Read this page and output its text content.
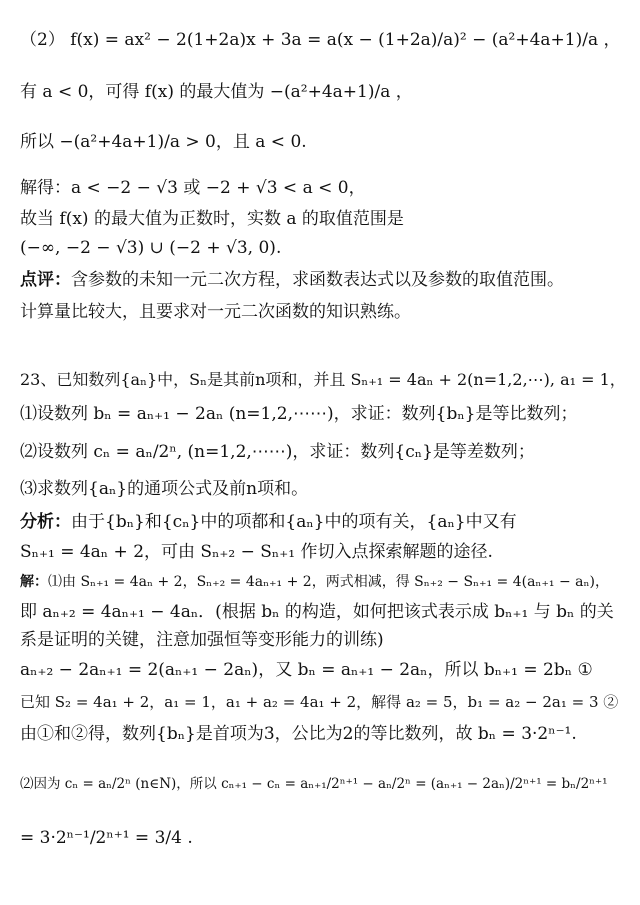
（2） f(x) = ax² − 2(1+2a)x + 3a = a(x − (1+2a)/a)² − (a²+4a+1)/a ，
有 a < 0，可得 f(x) 的最大值为 −(a²+4a+1)/a ，
所以 −(a²+4a+1)/a > 0，且 a < 0.
解得：a < −2 − √3 或 −2 + √3 < a < 0，
故当 f(x) 的最大值为正数时，实数 a 的取值范围是
(−∞, −2 − √3) ∪ (−2 + √3, 0).
点评：含参数的未知一元二次方程，求函数表达式以及参数的取值范围。
计算量比较大，且要求对一元二次函数的知识熟练。
23、已知数列{aₙ}中，Sₙ是其前n项和，并且 Sₙ₊₁ = 4aₙ + 2(n=1,2,⋯), a₁ = 1，
⑴设数列 bₙ = aₙ₊₁ − 2aₙ (n=1,2,⋯⋯)，求证：数列{bₙ}是等比数列；
⑵设数列 cₙ = aₙ/2ⁿ, (n=1,2,⋯⋯)，求证：数列{cₙ}是等差数列；
⑶求数列{aₙ}的通项公式及前n项和。
分析：由于{bₙ}和{cₙ}中的项都和{aₙ}中的项有关，{aₙ}中又有
Sₙ₊₁ = 4aₙ + 2，可由 Sₙ₊₂ − Sₙ₊₁ 作切入点探索解题的途径.
解：⑴由 Sₙ₊₁ = 4aₙ + 2，Sₙ₊₂ = 4aₙ₊₁ + 2，两式相减，得 Sₙ₊₂ − Sₙ₊₁ = 4(aₙ₊₁ − aₙ)，
即 aₙ₊₂ = 4aₙ₊₁ − 4aₙ．(根据 bₙ 的构造，如何把该式表示成 bₙ₊₁ 与 bₙ 的关
系是证明的关键，注意加强恒等变形能力的训练)
aₙ₊₂ − 2aₙ₊₁ = 2(aₙ₊₁ − 2aₙ)，又 bₙ = aₙ₊₁ − 2aₙ，所以 bₙ₊₁ = 2bₙ ①
已知 S₂ = 4a₁ + 2，a₁ = 1，a₁ + a₂ = 4a₁ + 2，解得 a₂ = 5，b₁ = a₂ − 2a₁ = 3 ②
由①和②得，数列{bₙ}是首项为3，公比为2的等比数列，故 bₙ = 3·2ⁿ⁻¹.
⑵因为 cₙ = aₙ/2ⁿ (n∈N)，所以 cₙ₊₁ − cₙ = aₙ₊₁/2ⁿ⁺¹ − aₙ/2ⁿ = (aₙ₊₁ − 2aₙ)/2ⁿ⁺¹ = bₙ/2ⁿ⁺¹
= 3·2ⁿ⁻¹/2ⁿ⁺¹ = 3/4 .
